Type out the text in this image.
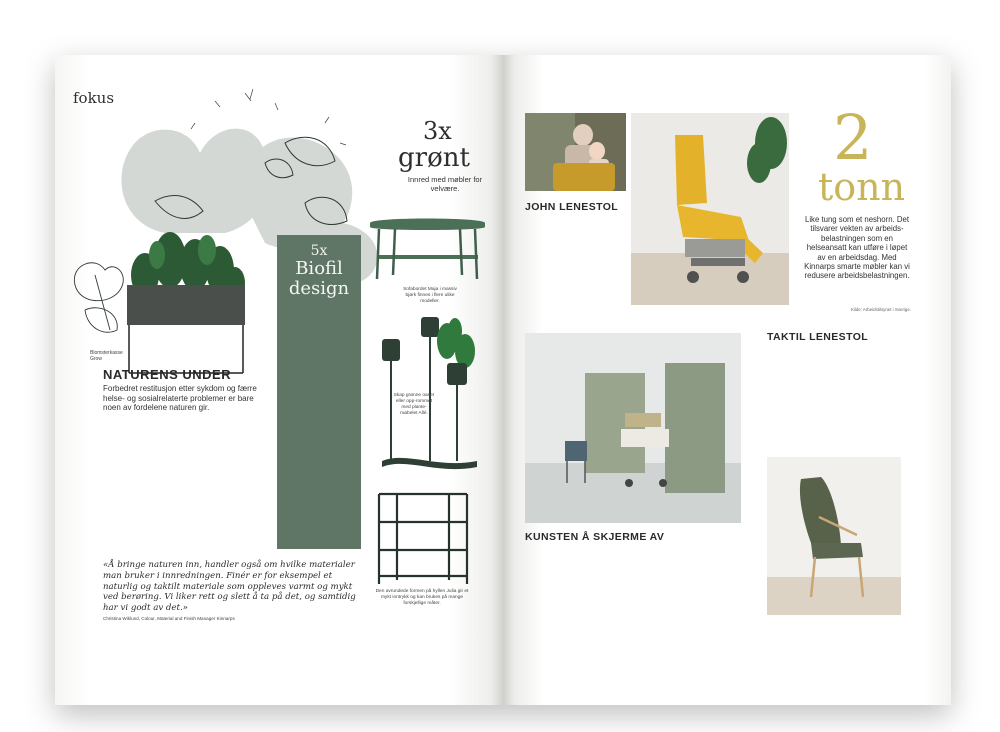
fokus
Blomsterkasse Grow
NATURENS UNDER
Forbedret restitusjon etter sykdom og færre helse- og sosialrelaterte problemer er bare noen av fordelene naturen gir.

3x
grønt
Innred med møbler for velvære.
Sofabordet Maja i massiv bjørk finnes i flere ulike modeller.
5x
Biofil
design

Skap grønne oaser eller opp-rommet med plante-møbelet Allé.
Den avrundede formen på hyllen Julia gir et mykt inntrykk og kan brukes på mange forskjellige måter.
«Å bringe naturen inn, handler også om hvilke materialer man bruker i innredningen. Finér er for eksempel et naturlig og taktilt materiale som oppleves varmt og mykt ved berøring. Vi liker rett og slett å ta på det, og samtidig har vi godt av det.»
Christina Wiklund, Colour, Material and Finish Manager Kinnarps
JOHN LENESTOL

2
tonn
Like tung som et neshorn. Det tilsvarer vekten av arbeids-belastningen som en helseansatt kan utføre i løpet av en arbeidsdag. Med Kinnarps smarte møbler kan vi redusere arbeidsbelastningen.
Kilde: Arbeidstilsynet i Sverige.
TAKTIL LENESTOL

KUNSTEN Å SKJERME AV
